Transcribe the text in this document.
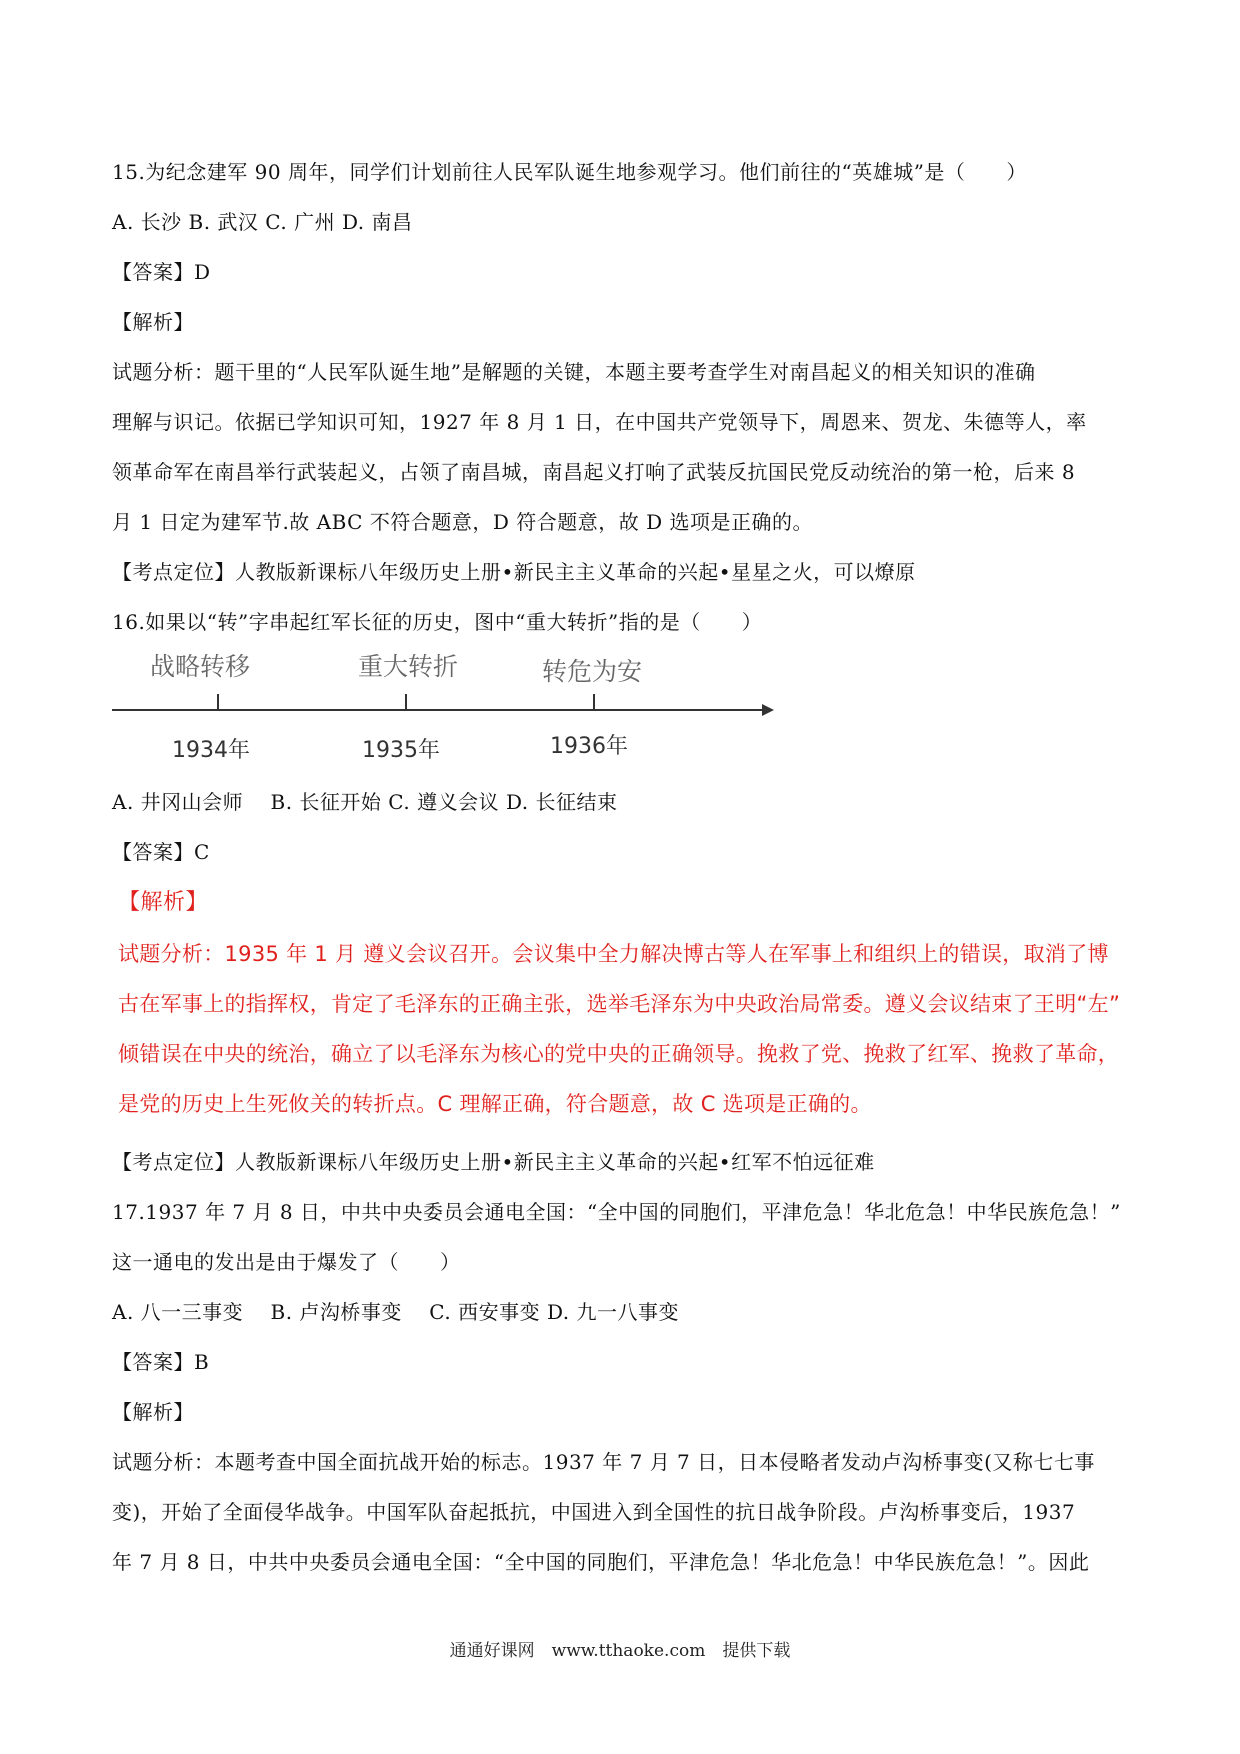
15.为纪念建军 90 周年，同学们计划前往人民军队诞生地参观学习。他们前往的“英雄城”是（　　）
A. 长沙 B. 武汉 C. 广州 D. 南昌
【答案】D
【解析】
试题分析：题干里的“人民军队诞生地”是解题的关键，本题主要考查学生对南昌起义的相关知识的准确
理解与识记。依据已学知识可知，1927 年 8 月 1 日，在中国共产党领导下，周恩来、贺龙、朱德等人，率
领革命军在南昌举行武装起义，占领了南昌城，南昌起义打响了武装反抗国民党反动统治的第一枪，后来 8
月 1 日定为建军节.故 ABC 不符合题意，D 符合题意，故 D 选项是正确的。
【考点定位】人教版新课标八年级历史上册•新民主主义革命的兴起•星星之火，可以燎原
16.如果以“转”字串起红军长征的历史，图中“重大转折”指的是（　　）
战略转移	重大转折	转危为安
1934年	1935年	1936年
A. 井冈山会师　 B. 长征开始 C. 遵义会议 D. 长征结束
【答案】C
【解析】
试题分析：1935 年 1 月 遵义会议召开。会议集中全力解决博古等人在军事上和组织上的错误，取消了博
古在军事上的指挥权，肯定了毛泽东的正确主张，选举毛泽东为中央政治局常委。遵义会议结束了王明“左”
倾错误在中央的统治，确立了以毛泽东为核心的党中央的正确领导。挽救了党、挽救了红军、挽救了革命，
是党的历史上生死攸关的转折点。C 理解正确，符合题意，故 C 选项是正确的。
【考点定位】人教版新课标八年级历史上册•新民主主义革命的兴起•红军不怕远征难
17.1937 年 7 月 8 日，中共中央委员会通电全国：“全中国的同胞们，平津危急！华北危急！中华民族危急！”
这一通电的发出是由于爆发了（　　）
A. 八一三事变　 B. 卢沟桥事变　 C. 西安事变 D. 九一八事变
【答案】B
【解析】
试题分析：本题考查中国全面抗战开始的标志。1937 年 7 月 7 日，日本侵略者发动卢沟桥事变(又称七七事
变)，开始了全面侵华战争。中国军队奋起抵抗，中国进入到全国性的抗日战争阶段。卢沟桥事变后，1937
年 7 月 8 日，中共中央委员会通电全国：“全中国的同胞们，平津危急！华北危急！中华民族危急！”。因此
通通好课网　www.tthaoke.com　提供下载
